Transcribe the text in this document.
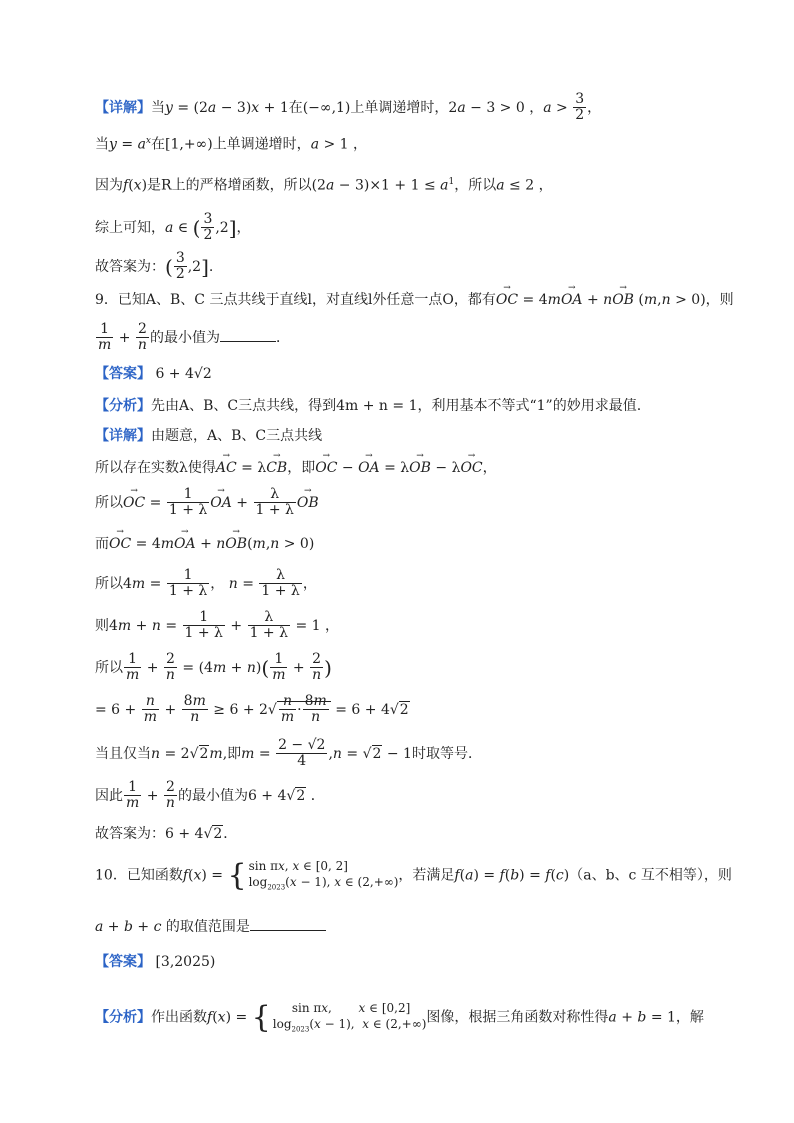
【详解】当y = (2a − 3)x + 1在(−∞,1)上单调递增时，2a − 3 > 0 ，$a > \frac{3}{2}$ ，
当$y = a^x$在[1,+∞)上单调递增时，a > 1 ，
因为f(x)是R上的严格增函数，所以$(2a - 3)\times 1 + 1 \le a^1$，所以a ≤ 2 ，
综上可知，a ∈ ( $\frac{3}{2} ,2$]，
故答案为：( $\frac{3}{2} ,2$].
9．已知A、B、C 三点共线于直线l，对直线l外任意一点O，都有→ OC = 4m→ OA + n→ OB (m,n > 0)，则
$\frac{1}{m} + \frac{2}{n}$ 的最小值为	．
【答案】 6 + 4√2
【分析】先由A、B、C三点共线，得到4m + n = 1，利用基本不等式“1”的妙用求最值.
【详解】由题意，A、B、C三点共线
所以存在实数λ使得→ AC = λ→ CB，即→ OC − → OA = λ→ OB − λ→ OC，
所以→ OC = $\frac{1}{1 + \lambda}$ → OA + $\frac{\lambda}{1 + \lambda}$ → OB
而→ OC = 4m→ OA + n→ OB(m,n > 0)
所以$4m = \frac{1}{1 + \lambda}$ ， $n = \frac{\lambda}{1 + \lambda}$ ，
则$4m + n = \frac{1}{1 + \lambda} + \frac{\lambda}{1 + \lambda} = 1$ ，
所以 $\frac{1}{m} + \frac{2}{n} = (4m + n)( \frac{1}{m} + \frac{2}{n}$ )
= $6 + \frac{n}{m} + \frac{8m}{n} \ge 6 + 2√ \frac{n}{m} \cdot \frac{8m}{n} = 6 + 4√2$
当且仅当n = 2√2m,即$m = \frac{2 - √2}{4} ,n = √2 - 1$时取等号．
因此 $\frac{1}{m} + \frac{2}{n}$ 的最小值为6 + 4√2 ．
故答案为：6 + 4√2．
10．已知函数f(x) = { sin πx, x ∈ [0, 2]
$\log_{2023}(x - 1)$, x ∈ (2,+∞)，若满足f(a) = f(b) = f(c)（a、b、c 互不相等），则
a + b + c 的取值范围是
【答案】 [3,2025)
【分析】作出函数f(x) = {     sin πx,       x ∈ [0,2]
$\log_{2023}(x - 1)$,  x ∈ (2,+∞)图像，根据三角函数对称性得a + b = 1，解
